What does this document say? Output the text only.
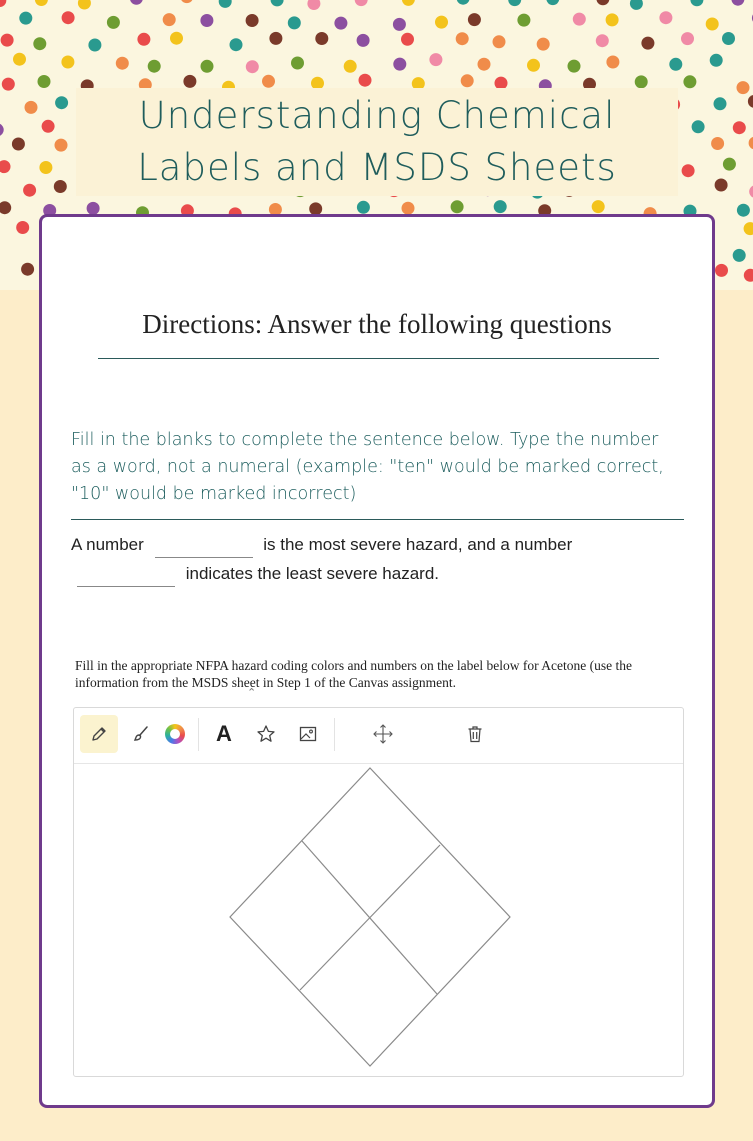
Understanding Chemical Labels and MSDS Sheets
Directions: Answer the following questions
Fill in the blanks to complete the sentence below. Type the number as a word, not a numeral (example: "ten" would be marked correct, "10" would be marked incorrect)
A number	is the most severe hazard, and a number
indicates the least severe hazard.
Fill in the appropriate NFPA hazard coding colors and numbers on the label below for Acetone (use the information from the MSDS sheet in Step 1 of the Canvas assignment.
⌃
A
